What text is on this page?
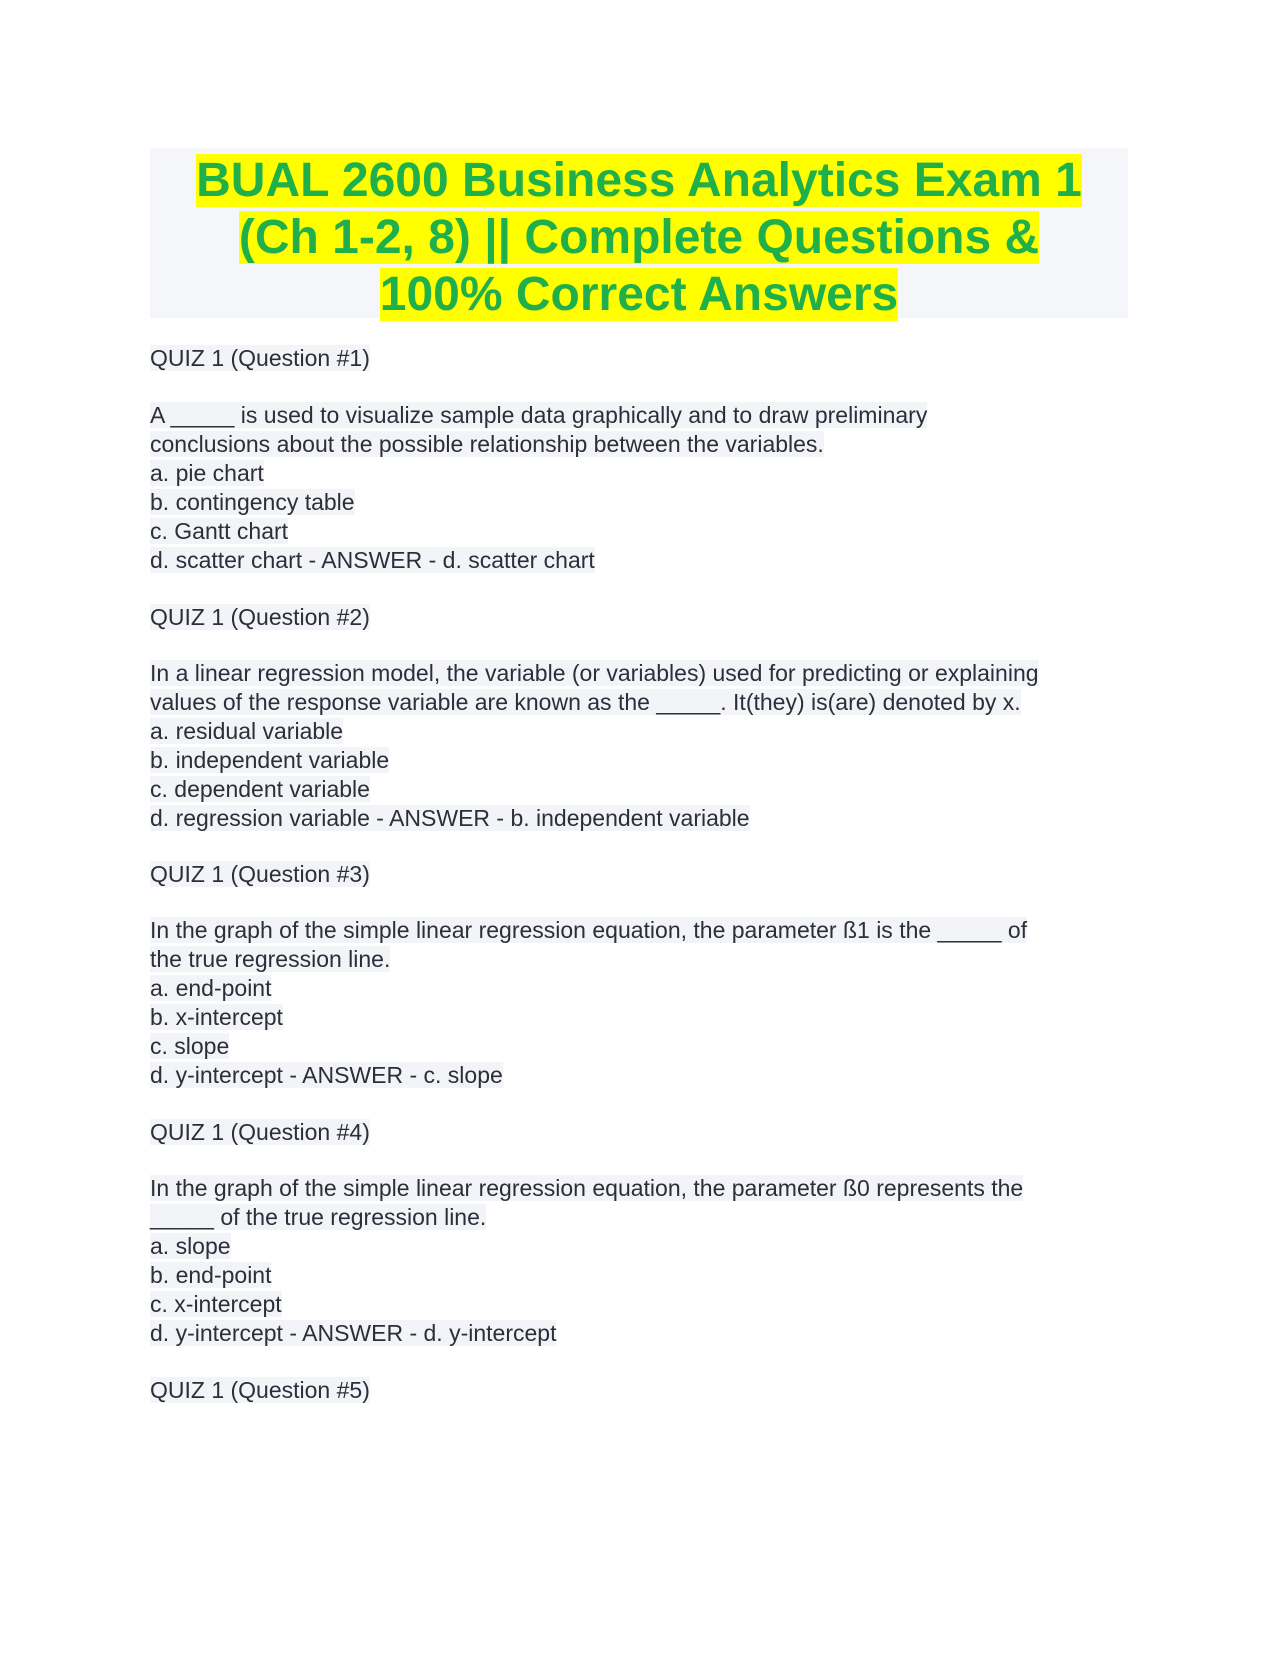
BUAL 2600 Business Analytics Exam 1
(Ch 1-2, 8) || Complete Questions &
100% Correct Answers

QUIZ 1 (Question #1)

A _____ is used to visualize sample data graphically and to draw preliminary

conclusions about the possible relationship between the variables.

a. pie chart

b. contingency table

c. Gantt chart

d. scatter chart - ANSWER - d. scatter chart

QUIZ 1 (Question #2)

In a linear regression model, the variable (or variables) used for predicting or explaining

values of the response variable are known as the _____. It(they) is(are) denoted by x.

a. residual variable

b. independent variable

c. dependent variable

d. regression variable - ANSWER - b. independent variable

QUIZ 1 (Question #3)

In the graph of the simple linear regression equation, the parameter ß1 is the _____ of

the true regression line.

a. end-point

b. x-intercept

c. slope

d. y-intercept - ANSWER - c. slope

QUIZ 1 (Question #4)

In the graph of the simple linear regression equation, the parameter ß0 represents the

_____ of the true regression line.

a. slope

b. end-point

c. x-intercept

d. y-intercept - ANSWER - d. y-intercept

QUIZ 1 (Question #5)
